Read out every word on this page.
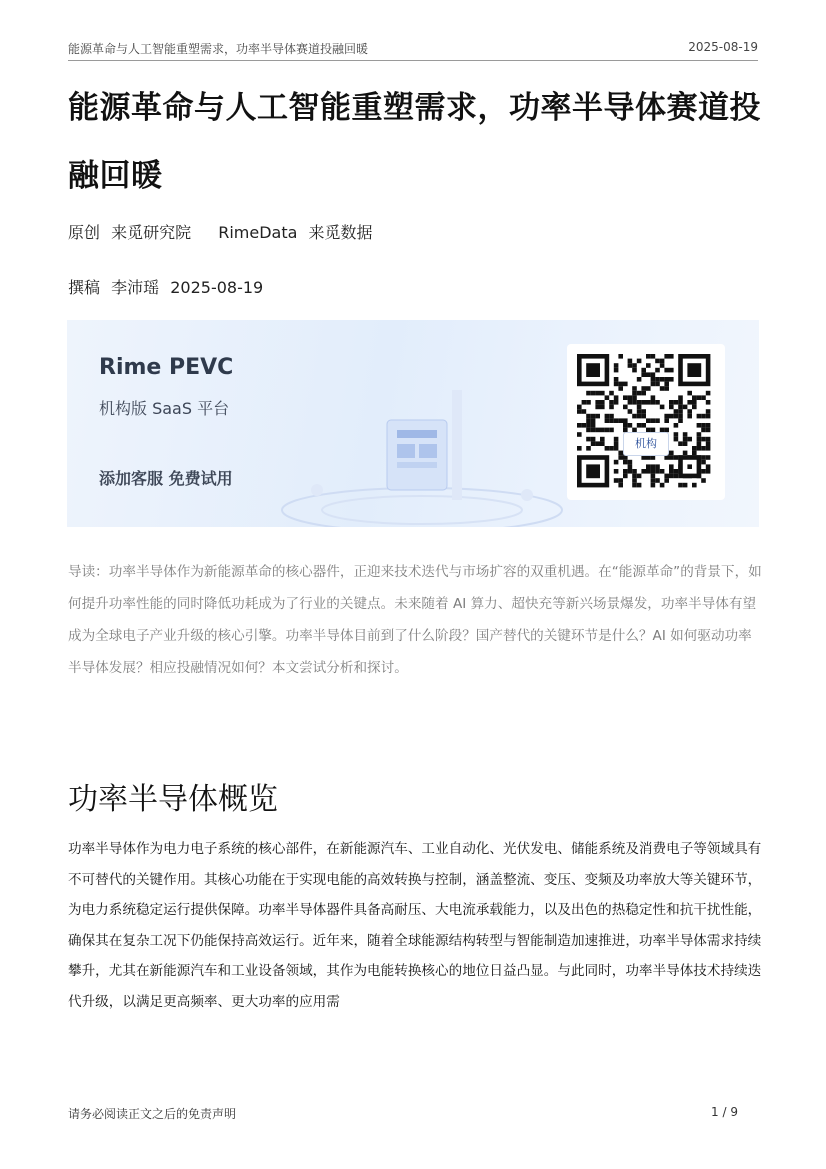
能源革命与人工智能重塑需求，功率半导体赛道投融回暖	2025-08-19
能源革命与人工智能重塑需求，功率半导体赛道投融回暖
原创 来觅研究院 RimeData 来觅数据
撰稿 李沛瑶 2025-08-19
Rime PEVC
机构版 SaaS 平台
添加客服 免费试用
机构

导读：功率半导体作为新能源革命的核心器件，正迎来技术迭代与市场扩容的双重机遇。在“能源革命”的背景下，如何提升功率性能的同时降低功耗成为了行业的关键点。未来随着 AI 算力、超快充等新兴场景爆发，功率半导体有望成为全球电子产业升级的核心引擎。功率半导体目前到了什么阶段？国产替代的关键环节是什么？AI 如何驱动功率半导体发展？相应投融情况如何？本文尝试分析和探讨。

功率半导体概览

功率半导体作为电力电子系统的核心部件，在新能源汽车、工业自动化、光伏发电、储能系统及消费电子等领域具有不可替代的关键作用。其核心功能在于实现电能的高效转换与控制，涵盖整流、变压、变频及功率放大等关键环节，为电力系统稳定运行提供保障。功率半导体器件具备高耐压、大电流承载能力，以及出色的热稳定性和抗干扰性能，确保其在复杂工况下仍能保持高效运行。近年来，随着全球能源结构转型与智能制造加速推进，功率半导体需求持续攀升，尤其在新能源汽车和工业设备领域，其作为电能转换核心的地位日益凸显。与此同时，功率半导体技术持续迭代升级，以满足更高频率、更大功率的应用需

请务必阅读正文之后的免责声明	1 / 9
